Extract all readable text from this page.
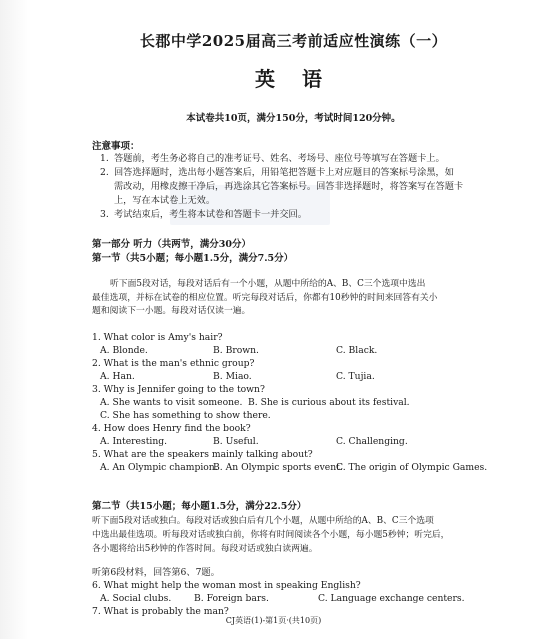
长郡中学2025届高三考前适应性演练（一）
英 语
本试卷共10页，满分150分，考试时间120分钟。
注意事项：
1. 答题前，考生务必将自己的准考证号、姓名、考场号、座位号等填写在答题卡上。
2. 回答选择题时，选出每小题答案后，用铅笔把答题卡上对应题目的答案标号涂黑，如
需改动，用橡皮擦干净后，再选涂其它答案标号。回答非选择题时，将答案写在答题卡
上，写在本试卷上无效。
3. 考试结束后，考生将本试卷和答题卡一并交回。
第一部分 听力（共两节，满分30分）
第一节（共5小题；每小题1.5分，满分7.5分）
听下面5段对话，每段对话后有一个小题，从题中所给的A、B、C三个选项中选出
最佳选项，并标在试卷的相应位置。听完每段对话后，你都有10秒钟的时间来回答有关小
题和阅读下一小题。每段对话仅读一遍。
1. What color is Amy's hair?
A. Blonde.	B. Brown.	C. Black.
2. What is the man's ethnic group?
A. Han.	B. Miao.	C. Tujia.
3. Why is Jennifer going to the town?
A. She wants to visit someone. B. She is curious about its festival.
C. She has something to show there.
4. How does Henry find the book?
A. Interesting.	B. Useful.	C. Challenging.
5. What are the speakers mainly talking about?
A. An Olympic champion.
B. An Olympic sports event.
C. The origin of Olympic Games.
第二节（共15小题；每小题1.5分，满分22.5分）
听下面5段对话或独白。每段对话或独白后有几个小题，从题中所给的A、B、C三个选项
中选出最佳选项。听每段对话或独白前，你将有时间阅读各个小题，每小题5秒钟；听完后，
各小题将给出5秒钟的作答时间。每段对话或独白读两遍。
听第6段材料，回答第6、7题。
6. What might help the woman most in speaking English?
A. Social clubs. B. Foreign bars.	C. Language exchange centers.
7. What is probably the man?
CJ英语(1)-第1页·(共10页)
